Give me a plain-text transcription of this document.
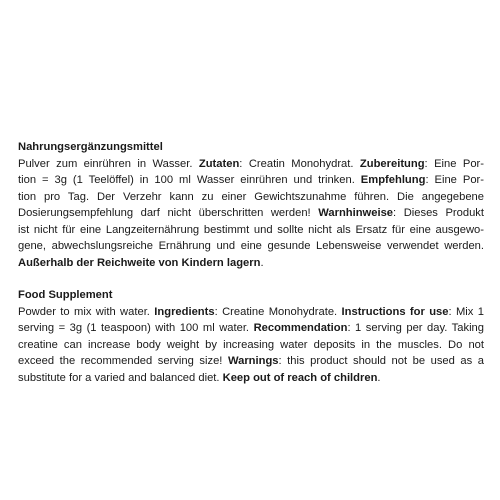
Nahrungsergänzungsmittel

Pulver zum einrühren in Wasser. Zutaten: Creatin Monohydrat. Zubereitung: Eine Por-
tion = 3g (1 Teelöffel) in 100 ml Wasser einrühren und trinken. Empfehlung: Eine Por-
tion pro Tag. Der Verzehr kann zu einer Gewichtszunahme führen. Die angegebene
Dosierungsempfehlung darf nicht überschritten werden! Warnhinweise: Dieses Produkt
ist nicht für eine Langzeiternährung bestimmt und sollte nicht als Ersatz für eine ausgewo-
gene, abwechslungsreiche Ernährung und eine gesunde Lebensweise verwendet werden.
Außerhalb der Reichweite von Kindern lagern.

Food Supplement

Powder to mix with water. Ingredients: Creatine Monohydrate. Instructions for use: Mix 1
serving = 3g (1 teaspoon) with 100 ml water. Recommendation: 1 serving per day. Taking
creatine can increase body weight by increasing water deposits in the muscles. Do not
exceed the recommended serving size! Warnings: this product should not be used as a
substitute for a varied and balanced diet. Keep out of reach of children.
